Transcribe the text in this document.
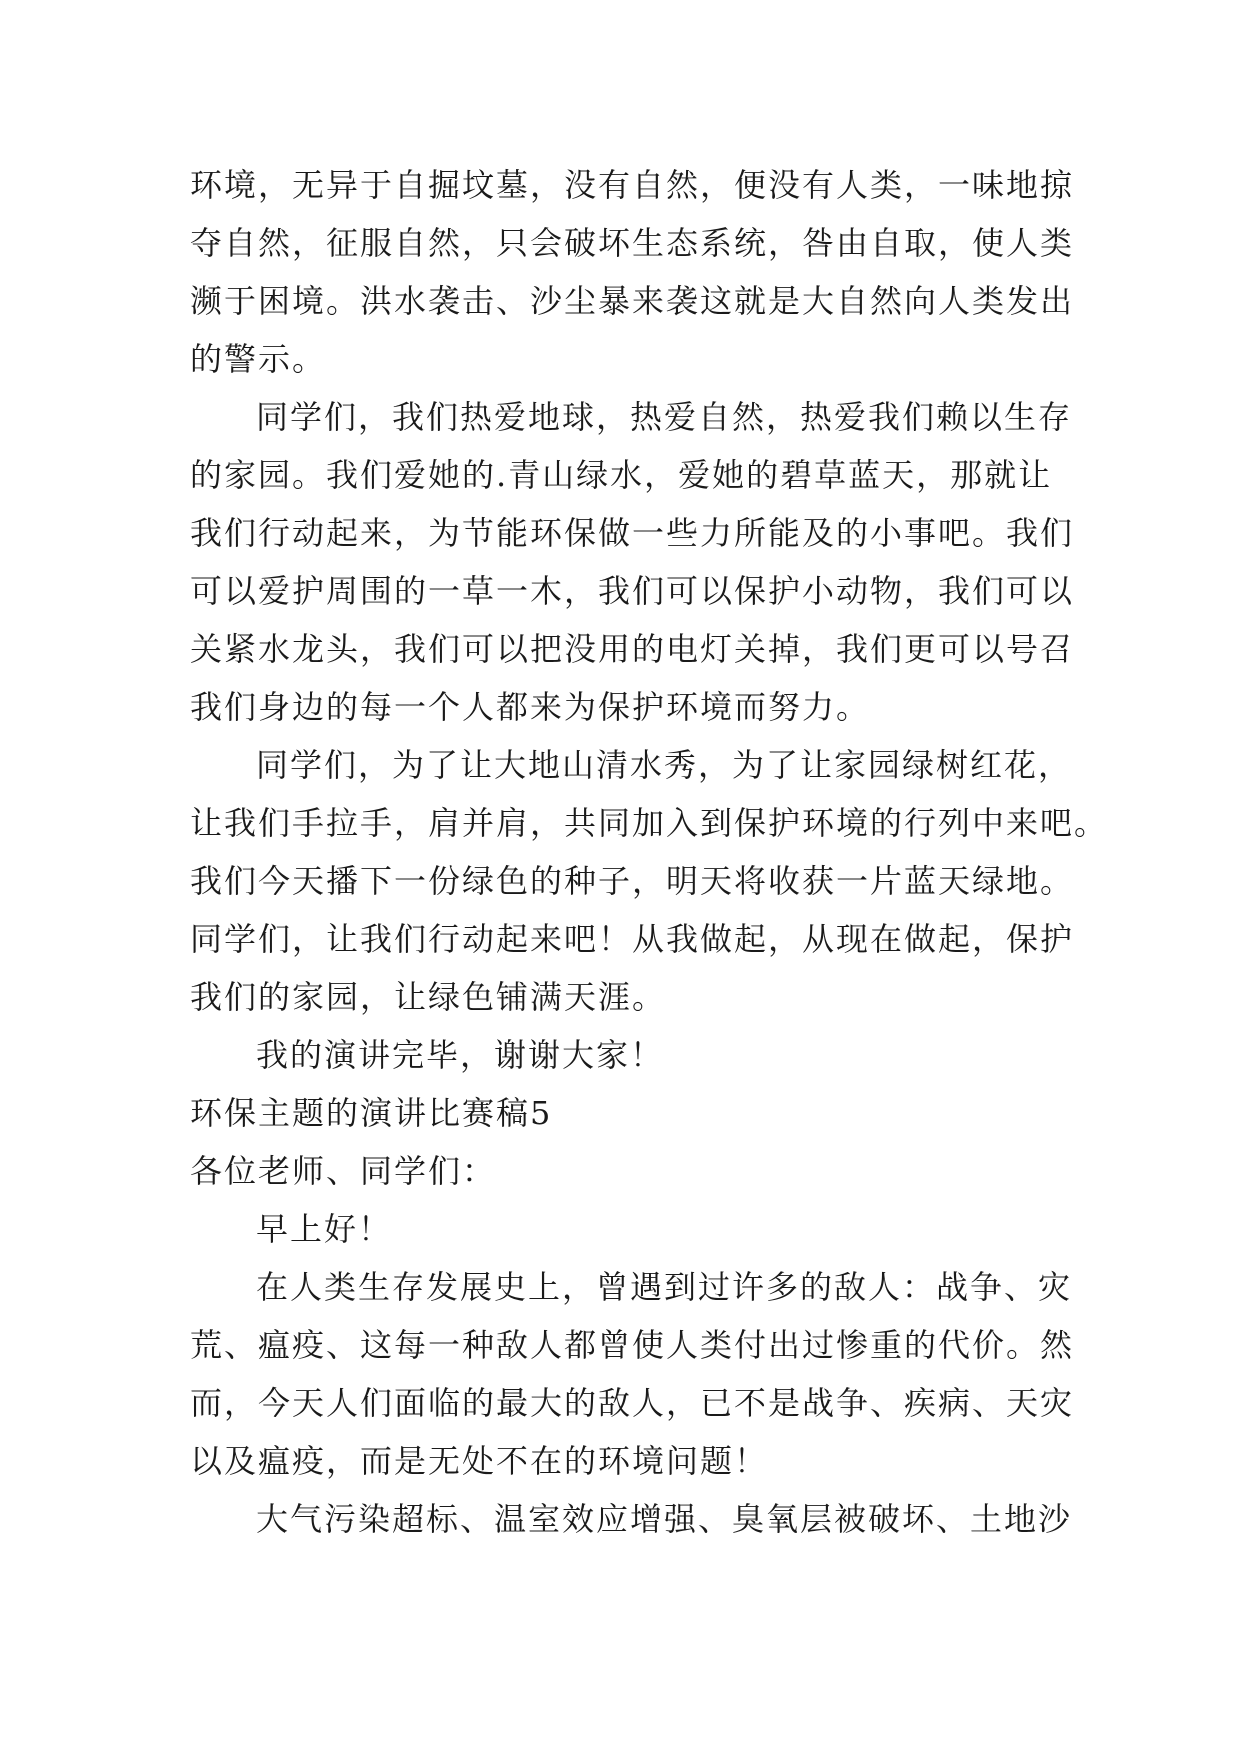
环境，无异于自掘坟墓，没有自然，便没有人类，一味地掠
夺自然，征服自然，只会破坏生态系统，咎由自取，使人类
濒于困境。洪水袭击、沙尘暴来袭这就是大自然向人类发出
的警示。
同学们，我们热爱地球，热爱自然，热爱我们赖以生存
的家园。我们爱她的.青山绿水，爱她的碧草蓝天，那就让
我们行动起来，为节能环保做一些力所能及的小事吧。我们
可以爱护周围的一草一木，我们可以保护小动物，我们可以
关紧水龙头，我们可以把没用的电灯关掉，我们更可以号召
我们身边的每一个人都来为保护环境而努力。
同学们，为了让大地山清水秀，为了让家园绿树红花，
让我们手拉手，肩并肩，共同加入到保护环境的行列中来吧。
我们今天播下一份绿色的种子，明天将收获一片蓝天绿地。
同学们，让我们行动起来吧！从我做起，从现在做起，保护
我们的家园，让绿色铺满天涯。
我的演讲完毕，谢谢大家！
环保主题的演讲比赛稿5
各位老师、同学们：
早上好！
在人类生存发展史上，曾遇到过许多的敌人：战争、灾
荒、瘟疫、这每一种敌人都曾使人类付出过惨重的代价。然
而，今天人们面临的最大的敌人，已不是战争、疾病、天灾
以及瘟疫，而是无处不在的环境问题！
大气污染超标、温室效应增强、臭氧层被破坏、土地沙
